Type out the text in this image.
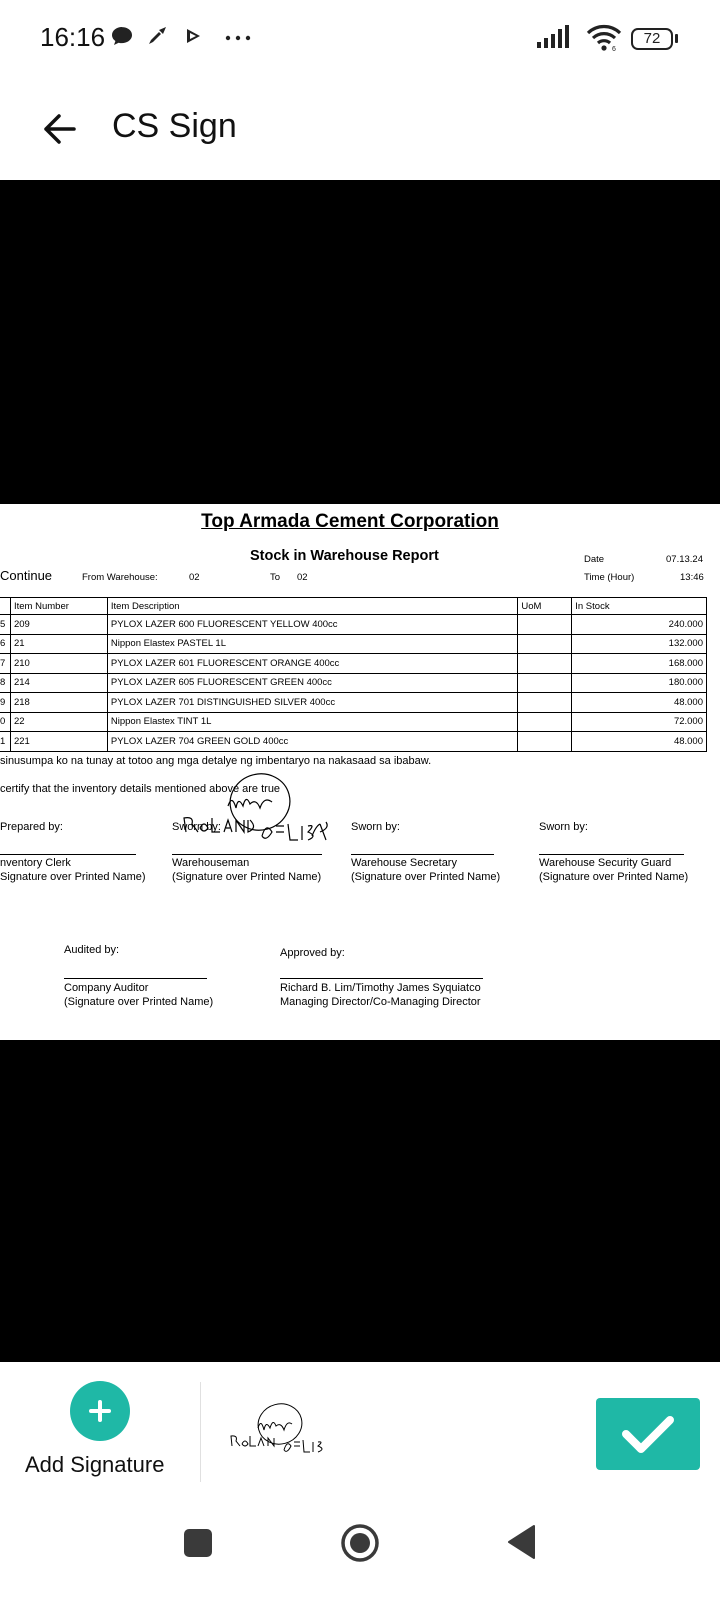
16:16	6
72
CS Sign
Top Armada Cement Corporation
Stock in Warehouse Report
Continue	From Warehouse:	02	To 02
Date	07.13.24
Time (Hour)	13:46
	Item Number	Item Description	UoM	In Stock
5	209	PYLOX LAZER 600 FLUORESCENT YELLOW 400cc		240.000
6	21	Nippon Elastex PASTEL 1L		132.000
7	210	PYLOX LAZER 601 FLUORESCENT ORANGE 400cc		168.000
8	214	PYLOX LAZER 605 FLUORESCENT GREEN 400cc		180.000
9	218	PYLOX LAZER 701 DISTINGUISHED SILVER 400cc		48.000
0	22	Nippon Elastex TINT 1L		72.000
1	221	PYLOX LAZER 704 GREEN GOLD 400cc		48.000
sinusumpa ko na tunay at totoo ang mga detalye ng imbentaryo na nakasaad sa ibabaw.
certify that the inventory details mentioned above are true
Prepared by:	Sworn by:	Sworn by:	Sworn by:
nventory Clerk
Signature over Printed Name)
Warehouseman
(Signature over Printed Name)
Warehouse Secretary
(Signature over Printed Name)
Warehouse Security Guard
(Signature over Printed Name)
Audited by:	Approved by:
Company Auditor
(Signature over Printed Name)
Richard B. Lim/Timothy James Syquiatco
Managing Director/Co-Managing Director
Add Signature
